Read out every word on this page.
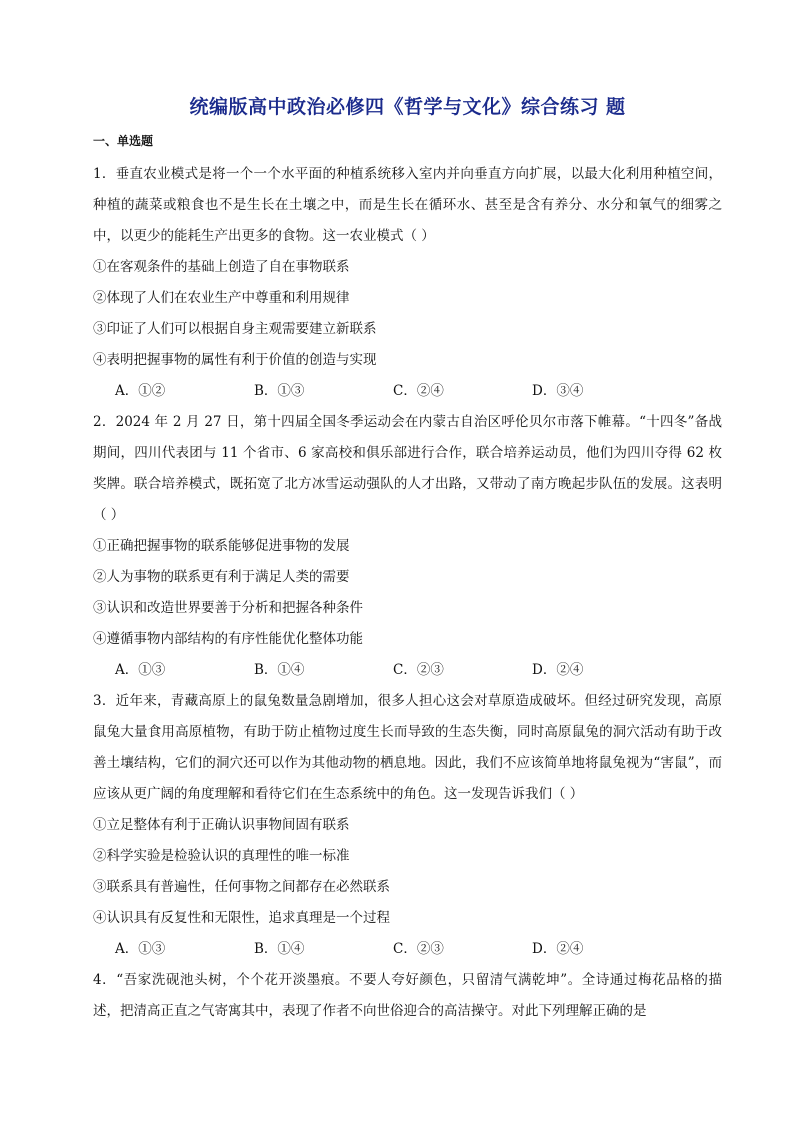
统编版高中政治必修四《哲学与文化》综合练习 题
一、单选题

1．垂直农业模式是将一个一个水平面的种植系统移入室内并向垂直方向扩展，以最大化利用种植空间，种植的蔬菜或粮食也不是生长在土壤之中，而是生长在循环水、甚至是含有养分、水分和氧气的细雾之中，以更少的能耗生产出更多的食物。这一农业模式（ ）

①在客观条件的基础上创造了自在事物联系

②体现了人们在农业生产中尊重和利用规律

③印证了人们可以根据自身主观需要建立新联系

④表明把握事物的属性有利于价值的创造与实现

A．①②	B．①③	C．②④	D．③④

2．2024 年 2 月 27 日，第十四届全国冬季运动会在内蒙古自治区呼伦贝尔市落下帷幕。“十四冬”备战期间，四川代表团与 11 个省市、6 家高校和俱乐部进行合作，联合培养运动员，他们为四川夺得 62 枚奖牌。联合培养模式，既拓宽了北方冰雪运动强队的人才出路，又带动了南方晚起步队伍的发展。这表明（ ）

①正确把握事物的联系能够促进事物的发展

②人为事物的联系更有利于满足人类的需要

③认识和改造世界要善于分析和把握各种条件

④遵循事物内部结构的有序性能优化整体功能

A．①③	B．①④	C．②③	D．②④

3．近年来，青藏高原上的鼠兔数量急剧增加，很多人担心这会对草原造成破坏。但经过研究发现，高原鼠兔大量食用高原植物，有助于防止植物过度生长而导致的生态失衡，同时高原鼠兔的洞穴活动有助于改善土壤结构，它们的洞穴还可以作为其他动物的栖息地。因此，我们不应该简单地将鼠兔视为“害鼠”，而应该从更广阔的角度理解和看待它们在生态系统中的角色。这一发现告诉我们（ ）

①立足整体有利于正确认识事物间固有联系

②科学实验是检验认识的真理性的唯一标准

③联系具有普遍性，任何事物之间都存在必然联系

④认识具有反复性和无限性，追求真理是一个过程

A．①③	B．①④	C．②③	D．②④

4．“吾家洗砚池头树，个个花开淡墨痕。不要人夸好颜色，只留清气满乾坤”。全诗通过梅花品格的描述，把清高正直之气寄寓其中，表现了作者不向世俗迎合的高洁操守。对此下列理解正确的是
